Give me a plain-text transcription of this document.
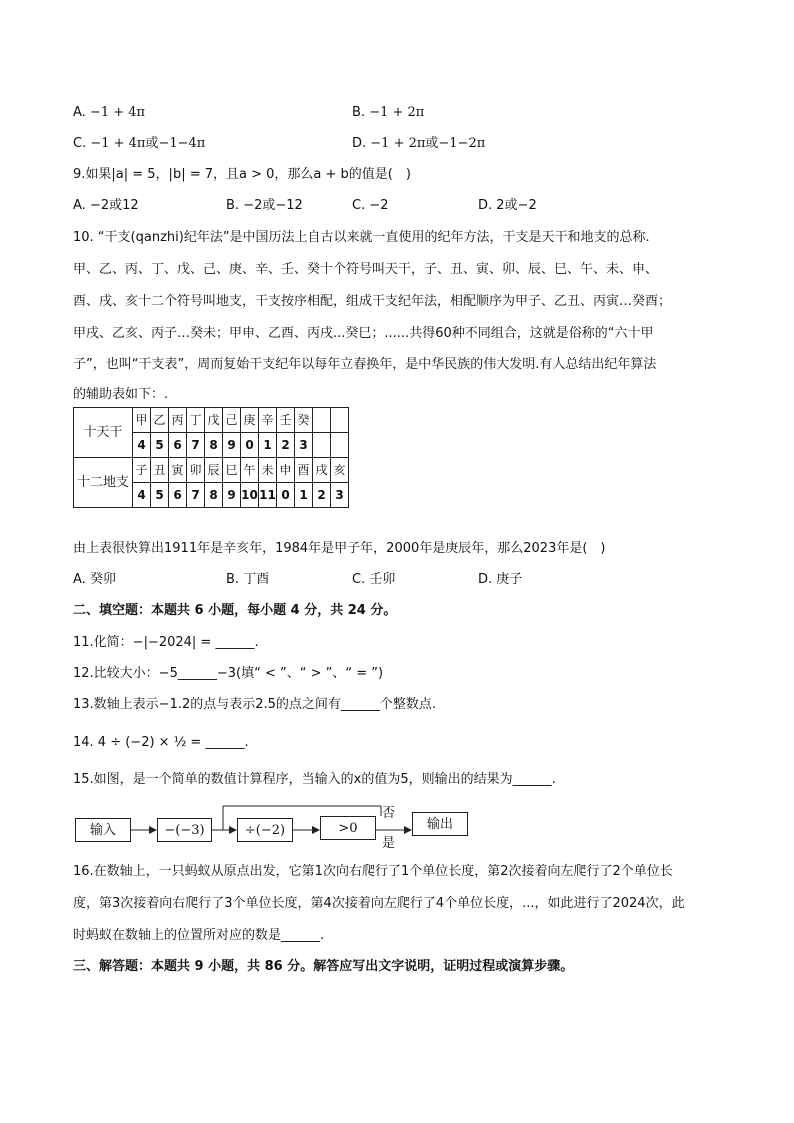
A. −1 + 4π	B. −1 + 2π
C. −1 + 4π或−1−4π	D. −1 + 2π或−1−2π
9.如果|a| = 5，|b| = 7，且a > 0，那么a + b的值是(　)
A. −2或12	B. −2或−12	C. −2	D. 2或−2
10. “干支(qanzhi)纪年法”是中国历法上自古以来就一直使用的纪年方法，干支是天干和地支的总称.
甲、乙、丙、丁、戊、己、庚、辛、壬、癸十个符号叫天干，子、丑、寅、卯、辰、巳、午、未、申、
酉、戌、亥十二个符号叫地支，干支按序相配，组成干支纪年法，相配顺序为甲子、乙丑、丙寅…癸酉；
甲戌、乙亥、丙子…癸未；甲申、乙酉、丙戌...癸巳；......共得60种不同组合，这就是俗称的“六十甲
子”，也叫“干支表”，周而复始干支纪年以每年立春换年，是中华民族的伟大发明.有人总结出纪年算法
的辅助表如下：.
十天干	甲	乙	丙	丁	戊	己	庚	辛	壬	癸		
	4	5	6	7	8	9	0	1	2	3		
十二地支	子	丑	寅	卯	辰	巳	午	未	申	酉	戌	亥
	4	5	6	7	8	9	10	11	0	1	2	3
由上表很快算出1911年是辛亥年，1984年是甲子年，2000年是庚辰年，那么2023年是(　)
A. 癸卯	B. 丁酉	C. 壬卯	D. 庚子
二、填空题：本题共 6 小题，每小题 4 分，共 24 分。
11.化简：−|−2024| = ______.
12.比较大小：−5______−3(填“ < ”、“ > ”、“ = ”)
13.数轴上表示−1.2的点与表示2.5的点之间有______个整数点.
14. 4 ÷ (−2) × ½ = ______.
15.如图，是一个简单的数值计算程序，当输入的x的值为5，则输出的结果为______.
输入	−(−3)	÷(−2)	>0	输出
否
是
16.在数轴上，一只蚂蚁从原点出发，它第1次向右爬行了1个单位长度，第2次接着向左爬行了2个单位长
度，第3次接着向右爬行了3个单位长度，第4次接着向左爬行了4个单位长度，...，如此进行了2024次，此
时蚂蚁在数轴上的位置所对应的数是______.
三、解答题：本题共 9 小题，共 86 分。解答应写出文字说明，证明过程或演算步骤。
